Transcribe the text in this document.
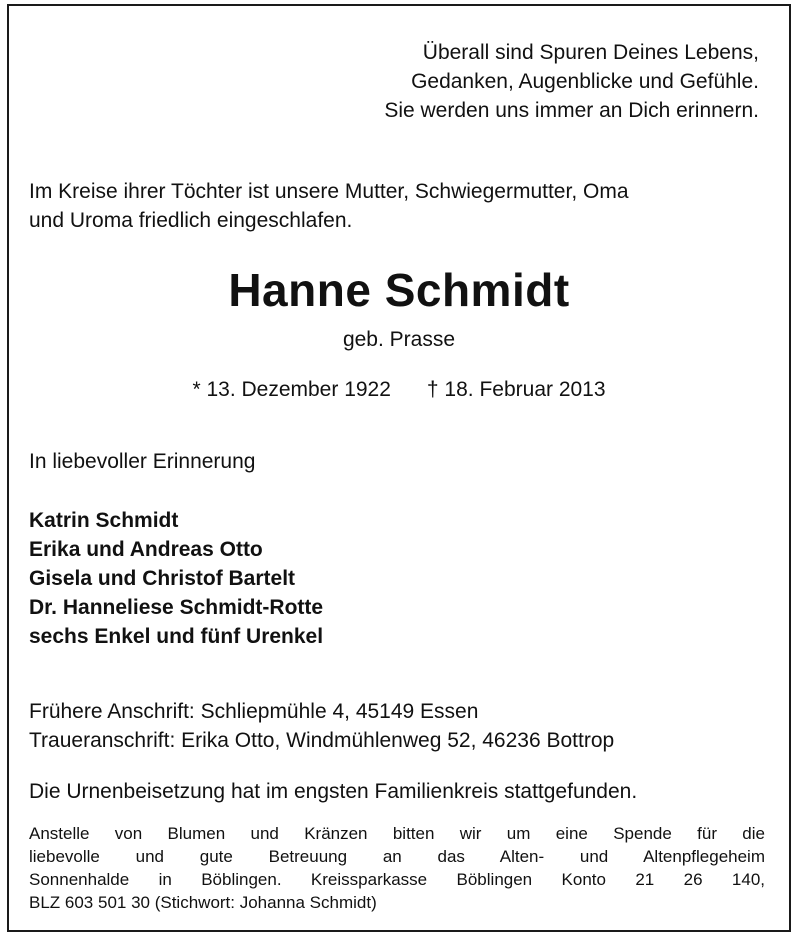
Überall sind Spuren Deines Lebens,
Gedanken, Augenblicke und Gefühle.
Sie werden uns immer an Dich erinnern.
Im Kreise ihrer Töchter ist unsere Mutter, Schwiegermutter, Oma
und Uroma friedlich eingeschlafen.
Hanne Schmidt
geb. Prasse
* 13. Dezember 1922 † 18. Februar 2013
In liebevoller Erinnerung
Katrin Schmidt
Erika und Andreas Otto
Gisela und Christof Bartelt
Dr. Hanneliese Schmidt-Rotte
sechs Enkel und fünf Urenkel
Frühere Anschrift: Schliepmühle 4, 45149 Essen
Traueranschrift: Erika Otto, Windmühlenweg 52, 46236 Bottrop
Die Urnenbeisetzung hat im engsten Familienkreis stattgefunden.
Anstelle von Blumen und Kränzen bitten wir um eine Spende für die
liebevolle und gute Betreuung an das Alten- und Altenpflegeheim
Sonnenhalde in Böblingen. Kreissparkasse Böblingen Konto 21 26 140,
BLZ 603 501 30 (Stichwort: Johanna Schmidt)
